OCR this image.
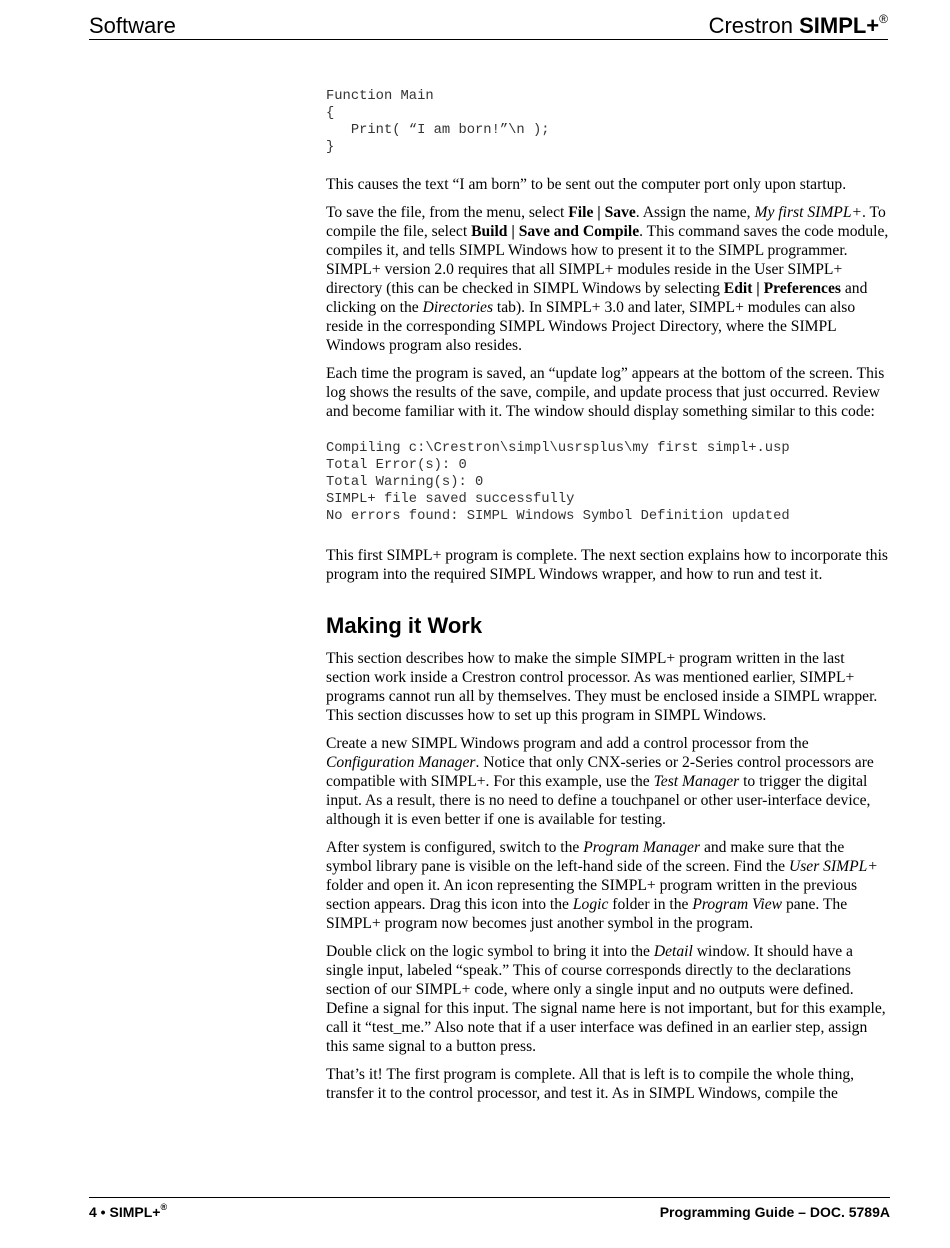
Software	Crestron SIMPL+®
Function Main
{
Print( “I am born!”\n );
}

This causes the text “I am born” to be sent out the computer port only upon startup.

To save the file, from the menu, select File | Save. Assign the name, My first SIMPL+. To compile the file, select Build | Save and Compile. This command saves the code module, compiles it, and tells SIMPL Windows how to present it to the SIMPL programmer. SIMPL+ version 2.0 requires that all SIMPL+ modules reside in the User SIMPL+ directory (this can be checked in SIMPL Windows by selecting Edit | Preferences and clicking on the Directories tab). In SIMPL+ 3.0 and later, SIMPL+ modules can also reside in the corresponding SIMPL Windows Project Directory, where the SIMPL Windows program also resides.

Each time the program is saved, an “update log” appears at the bottom of the screen. This log shows the results of the save, compile, and update process that just occurred. Review and become familiar with it. The window should display something similar to this code:

Compiling c:\Crestron\simpl\usrsplus\my first simpl+.usp
Total Error(s): 0
Total Warning(s): 0
SIMPL+ file saved successfully
No errors found: SIMPL Windows Symbol Definition updated

This first SIMPL+ program is complete. The next section explains how to incorporate this program into the required SIMPL Windows wrapper, and how to run and test it.

Making it Work

This section describes how to make the simple SIMPL+ program written in the last section work inside a Crestron control processor. As was mentioned earlier, SIMPL+ programs cannot run all by themselves. They must be enclosed inside a SIMPL wrapper. This section discusses how to set up this program in SIMPL Windows.

Create a new SIMPL Windows program and add a control processor from the Configuration Manager. Notice that only CNX-series or 2-Series control processors are compatible with SIMPL+. For this example, use the Test Manager to trigger the digital input. As a result, there is no need to define a touchpanel or other user-interface device, although it is even better if one is available for testing.

After system is configured, switch to the Program Manager and make sure that the symbol library pane is visible on the left-hand side of the screen. Find the User SIMPL+ folder and open it. An icon representing the SIMPL+ program written in the previous section appears. Drag this icon into the Logic folder in the Program View pane. The SIMPL+ program now becomes just another symbol in the program.

Double click on the logic symbol to bring it into the Detail window. It should have a single input, labeled “speak.” This of course corresponds directly to the declarations section of our SIMPL+ code, where only a single input and no outputs were defined. Define a signal for this input. The signal name here is not important, but for this example, call it “test_me.” Also note that if a user interface was defined in an earlier step, assign this same signal to a button press.

That’s it! The first program is complete. All that is left is to compile the whole thing, transfer it to the control processor, and test it. As in SIMPL Windows, compile the

4 • SIMPL+®	Programming Guide – DOC. 5789A
